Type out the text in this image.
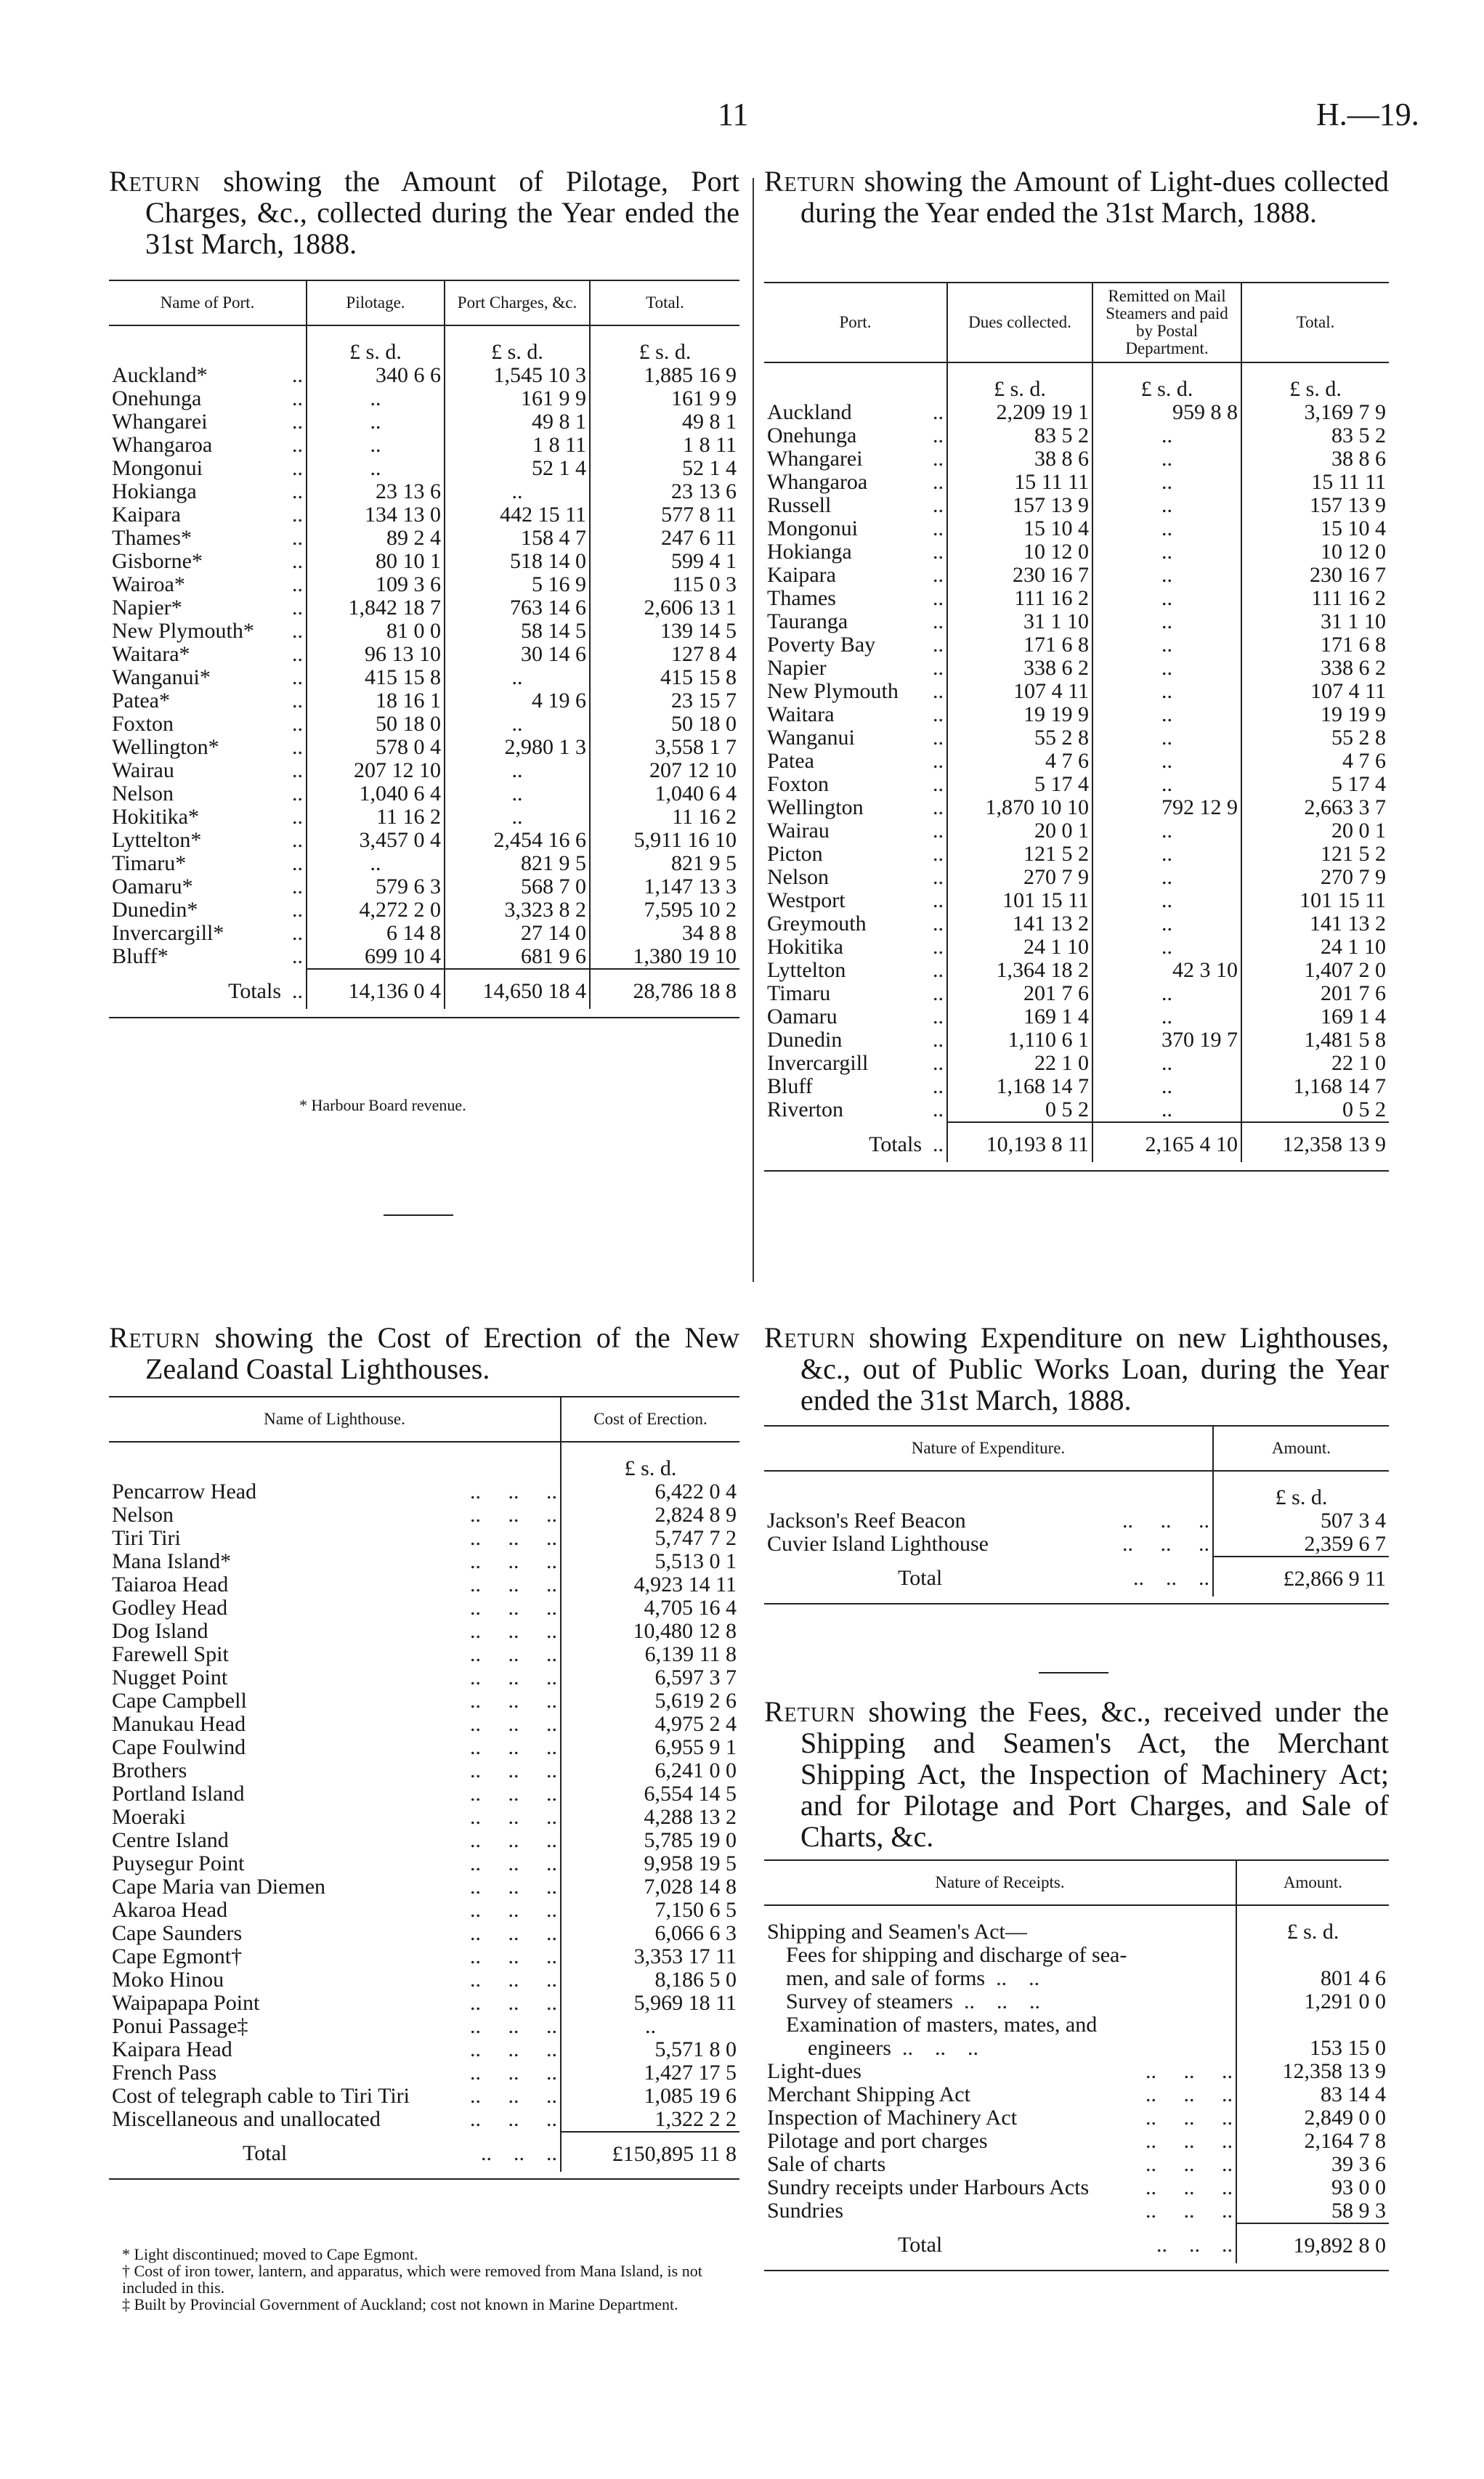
11	H.—19.
Return showing the Amount of Pilotage, Port Charges, &c., collected during the Year ended the 31st March, 1888.
Name of Port.	Pilotage.	Port Charges, &c.	Total.
	£ s. d.	£ s. d.	£ s. d.

Auckland*	..	340 6 6	1,545 10 3	1,885 16 9

Onehunga	..	..	161 9 9	161 9 9

Whangarei	..	..	49 8 1	49 8 1

Whangaroa	..	..	1 8 11	1 8 11

Mongonui	..	..	52 1 4	52 1 4

Hokianga	..	23 13 6	..	23 13 6

Kaipara	..	134 13 0	442 15 11	577 8 11

Thames*	..	89 2 4	158 4 7	247 6 11

Gisborne*	..	80 10 1	518 14 0	599 4 1

Wairoa*	..	109 3 6	5 16 9	115 0 3

Napier*	.. 1,842 18 7	763 14 6	2,606 13 1

New Plymouth* ..	81 0 0	58 14 5	139 14 5

Waitara*	..	96 13 10	30 14 6	127 8 4

Wanganui*	..	415 15 8	..	415 15 8

Patea*	..	18 16 1	4 19 6	23 15 7

Foxton	..	50 18 0	..	50 18 0

Wellington*	..	578 0 4	2,980 1 3	3,558 1 7

Wairau	.. 207 12 10	..	207 12 10

Nelson	..	1,040 6 4	..	1,040 6 4

Hokitika*	..	11 16 2	..	11 16 2

Lyttelton*	..	3,457 0 4	2,454 16 6	5,911 16 10

Timaru*	..	..	821 9 5	821 9 5

Oamaru*	..	579 6 3	568 7 0	1,147 13 3

Dunedin*	..	4,272 2 0	3,323 8 2	7,595 10 2

Invercargill*	..	6 14 8	27 14 0	34 8 8

Bluff*	..	699 10 4	681 9 6	1,380 19 10
Totals  ..	14,136 0 4	14,650 18 4	28,786 18 8

* Harbour Board revenue.
Return showing the Amount of Light-dues collected during the Year ended the 31st March, 1888.
Port.	Dues collected.	Remitted on Mail Steamers and paid by Postal Department.	Total.
	£ s. d.	£ s. d.	£ s. d.

Auckland	.. 2,209 19 1	959 8 8	3,169 7 9

Onehunga	..	83 5 2	..	83 5 2

Whangarei	..	38 8 6	..	38 8 6

Whangaroa ..	15 11 11	..	15 11 11

Russell	..	157 13 9	..	157 13 9

Mongonui	..	15 10 4	..	15 10 4

Hokianga	..	10 12 0	..	10 12 0

Kaipara	..	230 16 7	..	230 16 7

Thames	..	111 16 2	..	111 16 2

Tauranga	..	31 1 10	..	31 1 10

Poverty Bay ..	171 6 8	..	171 6 8

Napier	..	338 6 2	..	338 6 2

New Plymouth ..	107 4 11	..	107 4 11

Waitara	..	19 19 9	..	19 19 9

Wanganui	..	55 2 8	..	55 2 8

Patea	..	4 7 6	..	4 7 6

Foxton	..	5 17 4	..	5 17 4

Wellington	.. 1,870 10 10	792 12 9	2,663 3 7

Wairau	..	20 0 1	..	20 0 1

Picton	..	121 5 2	..	121 5 2

Nelson	..	270 7 9	..	270 7 9

Westport	..	101 15 11	..	101 15 11

Greymouth	..	141 13 2	..	141 13 2

Hokitika	..	24 1 10	..	24 1 10

Lyttelton	.. 1,364 18 2	42 3 10	1,407 2 0

Timaru	..	201 7 6	..	201 7 6

Oamaru	..	169 1 4	..	169 1 4

Dunedin	..	1,110 6 1	370 19 7	1,481 5 8

Invercargill ..	22 1 0	..	22 1 0

Bluff	.. 1,168 14 7	..	1,168 14 7

Riverton	..	0 5 2	..	0 5 2
Totals  ..	10,193 8 11	2,165 4 10	12,358 13 9

Return showing the Cost of Erection of the New Zealand Coastal Lighthouses.
Name of Lighthouse.	Cost of Erection.
	£ s. d.

Pencarrow Head	..     ..     ..	6,422 0 4

Nelson	..     ..     ..	2,824 8 9

Tiri Tiri	..     ..     ..	5,747 7 2

Mana Island*	..     ..     ..	5,513 0 1

Taiaroa Head	..     ..     ..	4,923 14 11

Godley Head	..     ..     ..	4,705 16 4

Dog Island	..     ..     ..	10,480 12 8

Farewell Spit	..     ..     ..	6,139 11 8

Nugget Point	..     ..     ..	6,597 3 7

Cape Campbell	..     ..     ..	5,619 2 6

Manukau Head	..     ..     ..	4,975 2 4

Cape Foulwind	..     ..     ..	6,955 9 1

Brothers	..     ..     ..	6,241 0 0

Portland Island	..     ..     ..	6,554 14 5

Moeraki	..     ..     ..	4,288 13 2

Centre Island	..     ..     ..	5,785 19 0

Puysegur Point	..     ..     ..	9,958 19 5

Cape Maria van Diemen	..     ..     ..	7,028 14 8

Akaroa Head	..     ..     ..	7,150 6 5

Cape Saunders	..     ..     ..	6,066 6 3

Cape Egmont†	..     ..     ..	3,353 17 11

Moko Hinou	..     ..     ..	8,186 5 0

Waipapapa Point	..     ..     ..	5,969 18 11

Ponui Passage‡	..     ..     ..	..

Kaipara Head	..     ..     ..	5,571 8 0

French Pass	..     ..     ..	1,427 17 5

Cost of telegraph cable to Tiri Tiri	..     ..     ..	1,085 19 6

Miscellaneous and unallocated	..     ..     ..	1,322 2 2

Total	..    ..    ..	£150,895 11 8

* Light discontinued; moved to Cape Egmont.
† Cost of iron tower, lantern, and apparatus, which were removed from Mana Island, is not included in this.
‡ Built by Provincial Government of Auckland; cost not known in Marine Department.
Return showing Expenditure on new Lighthouses, &c., out of Public Works Loan, during the Year ended the 31st March, 1888.
Nature of Expenditure.	Amount.
	£ s. d.

Jackson's Reef Beacon	..     ..     ..	507 3 4

Cuvier Island Lighthouse	..     ..     ..	2,359 6 7

Total	..    ..    ..	£2,866 9 11

Return showing the Fees, &c., received under the Shipping and Seamen's Act, the Merchant Shipping Act, the Inspection of Machinery Act; and for Pilotage and Port Charges, and Sale of Charts, &c.
Nature of Receipts.	Amount.
Shipping and Seamen's Act—	£ s. d.
Fees for shipping and discharge of sea-	
men, and sale of forms  ..    ..	801 4 6
Survey of steamers  ..    ..    ..	1,291 0 0
Examination of masters, mates, and	
engineers  ..    ..    ..	153 15 0

Light-dues	..     ..     .. 12,358 13 9

Merchant Shipping Act	..     ..     ..	83 14 4

Inspection of Machinery Act	..     ..     ..	2,849 0 0

Pilotage and port charges	..     ..     ..	2,164 7 8

Sale of charts	..     ..     ..	39 3 6

Sundry receipts under Harbours Acts	..     ..     ..	93 0 0

Sundries	..     ..     ..	58 9 3

Total	..    ..    ..	19,892 8 0
